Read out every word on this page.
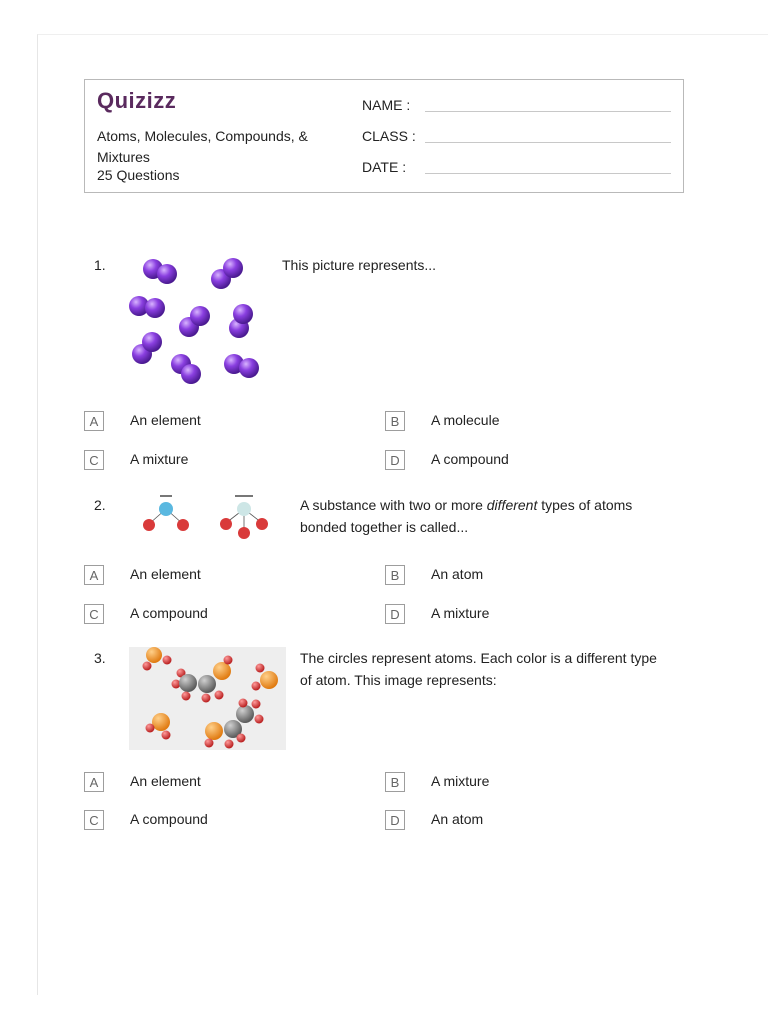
Quizizz
Atoms, Molecules, Compounds, & Mixtures
25 Questions
NAME :
CLASS :
DATE :
1.	This picture represents...
A	An element	B	A molecule
C	A mixture	D	A compound
2.	A substance with two or more different types of atoms bonded together is called...
A	An element	B	An atom
C	A compound	D	A mixture
3.	The circles represent atoms. Each color is a different type of atom. This image represents:
A	An element	B	A mixture
C	A compound	D	An atom
